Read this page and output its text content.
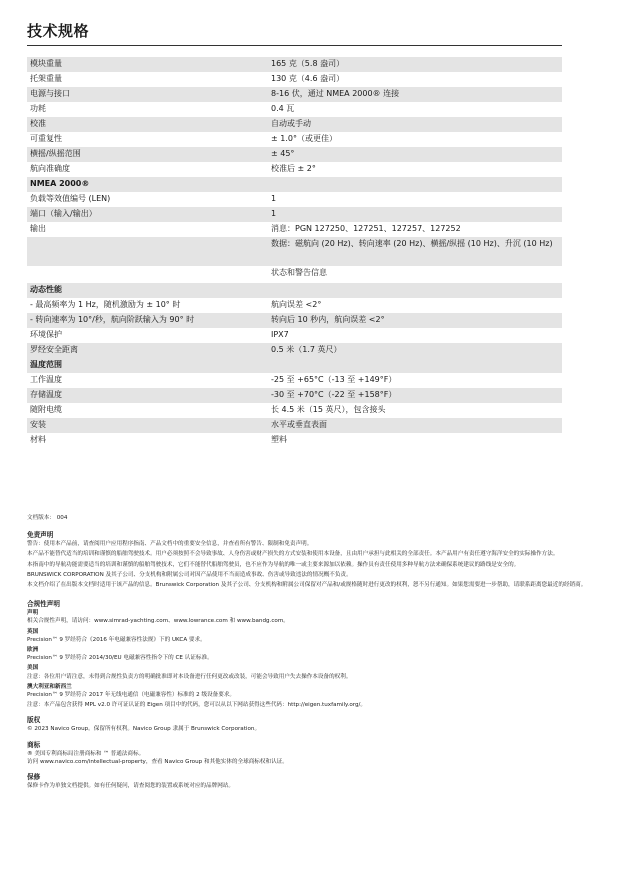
技术规格
模块重量	165 克（5.8 盎司）
托架重量	130 克（4.6 盎司）
电源与接口	8-16 伏，通过 NMEA 2000® 连接
功耗	0.4 瓦
校准	自动或手动
可重复性	± 1.0°（或更佳）
横摇/纵摇范围	± 45°
航向准确度	校准后 ± 2°
NMEA 2000®
负载等效值编号 (LEN)	1
端口（输入/输出）	1
输出	消息：PGN 127250、127251、127257、127252
数据：磁航向 (20 Hz)、转向速率 (20 Hz)、横摇/纵摇 (10 Hz)、升沉 (10 Hz)
状态和警告信息
动态性能
- 最高频率为 1 Hz，随机激励为 ± 10° 时	航向误差 <2°
- 转向速率为 10°/秒，航向阶跃输入为 90° 时	转向后 10 秒内，航向误差 <2°
环境保护	IPX7
罗经安全距离	0.5 米（1.7 英尺）
温度范围
工作温度	-25 至 +65°C（-13 至 +149°F）
存储温度	-30 至 +70°C（-22 至 +158°F）
随附电缆	长 4.5 米（15 英尺），包含接头
安装	水平或垂直表面
材料	塑料
文档版本： 004
免责声明
警告：使用本产品前，请查阅用户应用程序指南、产品文档中的重要安全信息，并查看所有警告、限制和免责声明。
本产品不能替代适当的培训和谨慎的船舶驾驶技术。用户必须按照不会导致事故、人身伤害或财产损失的方式安装和使用本设备，且由用户承担与此相关的全部责任。本产品用户有责任遵守海洋安全的实际操作方法。
本指南中的导航功能需要适当的培训和谨慎的船舶驾驶技术，它们不能替代船舶驾驶员，也不应作为导航的唯一或主要来源加以依赖。操作员有责任使用多种导航方法来确保系统建议的路线是安全的。
BRUNSWICK CORPORATION 及其子公司、分支机构和附属公司对因产品使用不当而造成事故、伤害或导致违法的情况概不负责。
本文档介绍了在出版本文档时适用于该产品的信息。Brunswick Corporation 及其子公司、分支机构和附属公司保留对产品和/或规格随时进行更改的权利，恕不另行通知。如果您需要进一步帮助，请联系距离您最近的经销商。
合规性声明
声明
相关合规性声明，请访问：www.simrad-yachting.com、www.lowrance.com 和 www.bandg.com。
英国
Precision™ 9 罗经符合《2016 年电磁兼容性法规》下的 UKCA 要求。
欧洲
Precision™ 9 罗经符合 2014/30/EU 电磁兼容性指令下的 CE 认证标准。
美国
注意：各位用户请注意，未得到合规性负责方的明确批准即对本设备进行任何更改或改装，可能会导致用户失去操作本设备的权利。
澳大利亚和新西兰
Precision™ 9 罗经符合 2017 年无线电通信（电磁兼容性）标准的 2 级设备要求。
注意：本产品包含获得 MPL v2.0 许可证认证的 Eigen 项目中的代码，您可以从以下网站获得这些代码：http://eigen.tuxfamily.org/。
版权
© 2023 Navico Group。保留所有权利。Navico Group 隶属于 Brunswick Corporation。
商标
® 美国专利商标局注册商标和 ™ 普通法商标。
访问 www.navico.com/intellectual-property，查看 Navico Group 和其他实体的全球商标权和认证。
保修
保修卡作为单独文档提供。如有任何疑问，请查阅您的装置或系统对应的品牌网站。
